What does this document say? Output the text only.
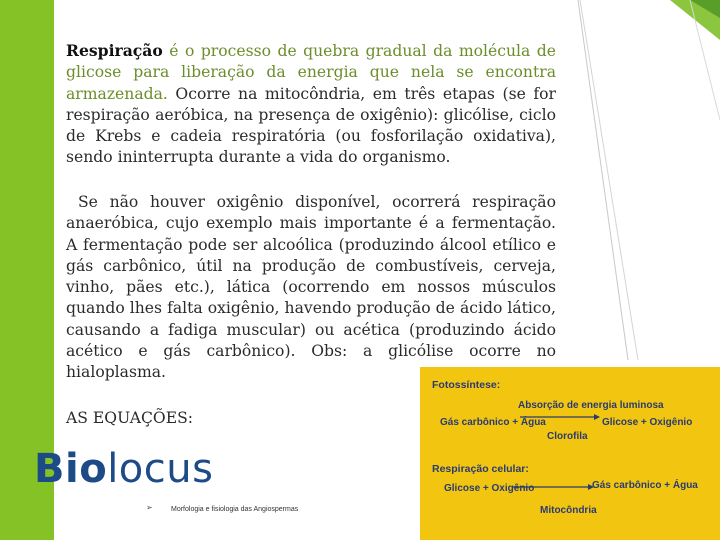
Respiração é o processo de quebra gradual da molécula de glicose para liberação da energia que nela se encontra armazenada. Ocorre na mitocôndria, em três etapas (se for respiração aeróbica, na presença de oxigênio): glicólise, ciclo de Krebs e cadeia respiratória (ou fosforilação oxidativa), sendo ininterrupta durante a vida do organismo.
Se não houver oxigênio disponível, ocorrerá respiração anaeróbica, cujo exemplo mais importante é a fermentação. A fermentação pode ser alcoólica (produzindo álcool etílico e gás carbônico, útil na produção de combustíveis, cerveja, vinho, pães etc.), lática (ocorrendo em nossos músculos quando lhes falta oxigênio, havendo produção de ácido lático, causando a fadiga muscular) ou acética (produzindo ácido acético e gás carbônico). Obs: a glicólise ocorre no hialoplasma.
AS EQUAÇÕES:
Biolocus
➢	Morfologia e fisiologia das Angiospermas
Fotossíntese:
Absorção de energia luminosa
Gás carbônico + Água	Glicose + Oxigênio
Clorofila
Respiração celular:
Glicose + Oxigênio	Gás carbônico + Água
Mitocôndria
